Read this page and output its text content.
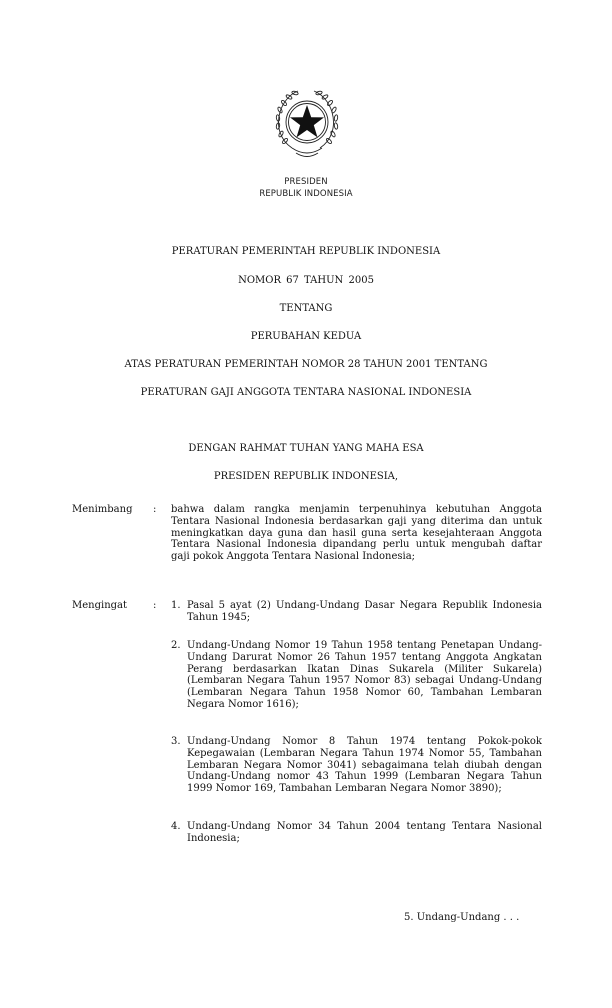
PRESIDEN
REPUBLIK INDONESIA
PERATURAN PEMERINTAH REPUBLIK INDONESIA
NOMOR 67 TAHUN 2005
TENTANG
PERUBAHAN KEDUA
ATAS PERATURAN PEMERINTAH NOMOR 28 TAHUN 2001 TENTANG
PERATURAN GAJI ANGGOTA TENTARA NASIONAL INDONESIA
DENGAN RAHMAT TUHAN YANG MAHA ESA
PRESIDEN REPUBLIK INDONESIA,
Menimbang	: bahwa dalam rangka menjamin terpenuhinya kebutuhan Anggota Tentara Nasional Indonesia berdasarkan gaji yang diterima dan untuk meningkatkan daya guna dan hasil guna serta kesejahteraan Anggota Tentara Nasional Indonesia dipandang perlu untuk mengubah daftar gaji pokok Anggota Tentara Nasional Indonesia;
Mengingat	: 1. Pasal 5 ayat (2) Undang-Undang Dasar Negara Republik Indonesia Tahun 1945;
2. Undang-Undang Nomor 19 Tahun 1958 tentang Penetapan Undang-Undang Darurat Nomor 26 Tahun 1957 tentang Anggota Angkatan Perang berdasarkan Ikatan Dinas Sukarela (Militer Sukarela) (Lembaran Negara Tahun 1957 Nomor 83) sebagai Undang-Undang (Lembaran Negara Tahun 1958 Nomor 60, Tambahan Lembaran Negara Nomor 1616);
3. Undang-Undang Nomor 8 Tahun 1974 tentang Pokok-pokok Kepegawaian (Lembaran Negara Tahun 1974 Nomor 55, Tambahan Lembaran Negara Nomor 3041) sebagaimana telah diubah dengan Undang-Undang nomor 43 Tahun 1999 (Lembaran Negara Tahun 1999 Nomor 169, Tambahan Lembaran Negara Nomor 3890);
4. Undang-Undang Nomor 34 Tahun 2004 tentang Tentara Nasional Indonesia;
5. Undang-Undang . . .
